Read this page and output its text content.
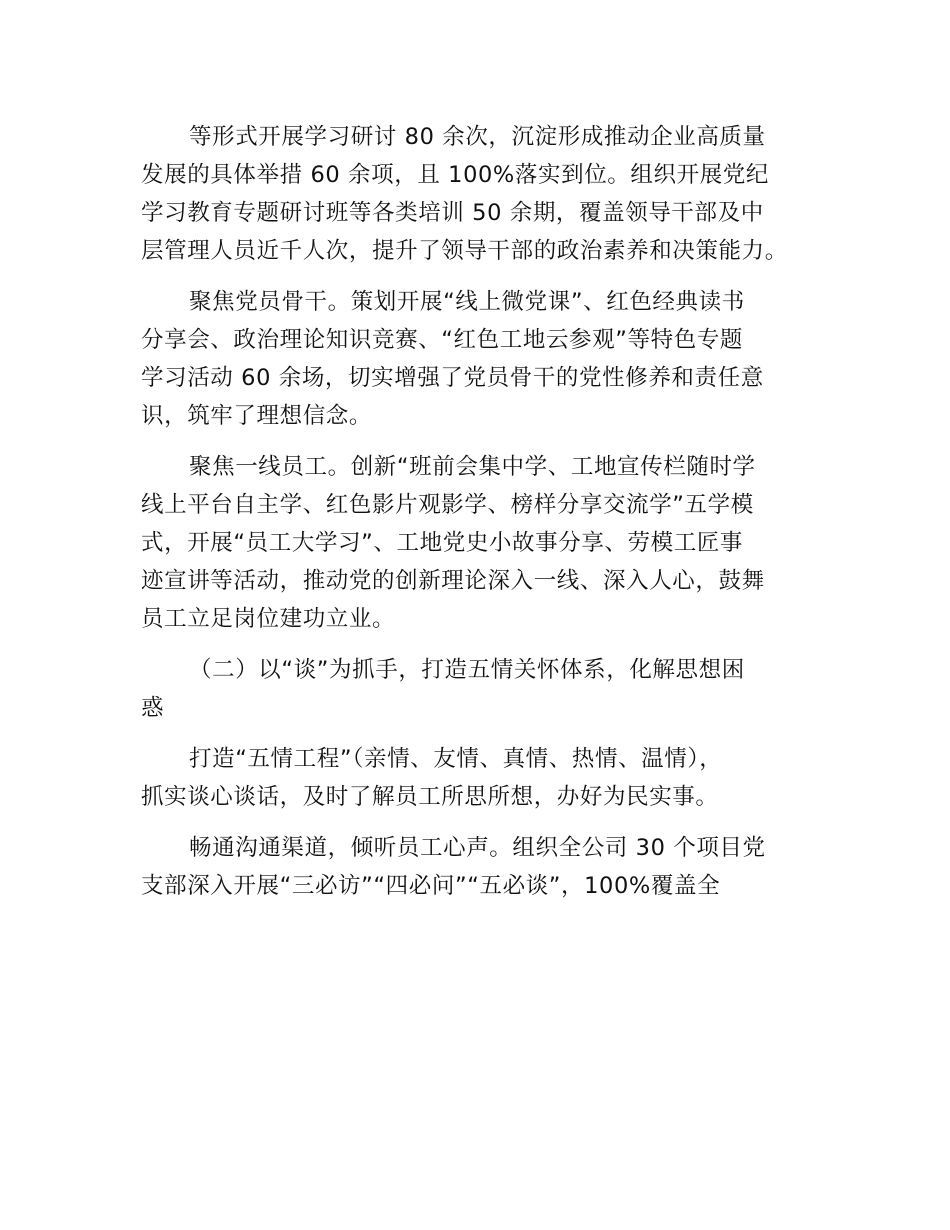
等形式开展学习研讨 80 余次，沉淀形成推动企业高质量
发展的具体举措 60 余项，且 100%落实到位。组织开展党纪
学习教育专题研讨班等各类培训 50 余期，覆盖领导干部及中
层管理人员近千人次，提升了领导干部的政治素养和决策能力。
聚焦党员骨干。策划开展“线上微党课”、红色经典读书
分享会、政治理论知识竞赛、“红色工地云参观”等特色专题
学习活动 60 余场，切实增强了党员骨干的党性修养和责任意
识，筑牢了理想信念。
聚焦一线员工。创新“班前会集中学、工地宣传栏随时学
线上平台自主学、红色影片观影学、榜样分享交流学”五学模
式，开展“员工大学习”、工地党史小故事分享、劳模工匠事
迹宣讲等活动，推动党的创新理论深入一线、深入人心，鼓舞
员工立足岗位建功立业。
（二）以“谈”为抓手，打造五情关怀体系，化解思想困
惑
打造“五情工程”（亲情、友情、真情、热情、温情），
抓实谈心谈话，及时了解员工所思所想，办好为民实事。
畅通沟通渠道，倾听员工心声。组织全公司 30 个项目党
支部深入开展“三必访”“四必问”“五必谈”，100%覆盖全
